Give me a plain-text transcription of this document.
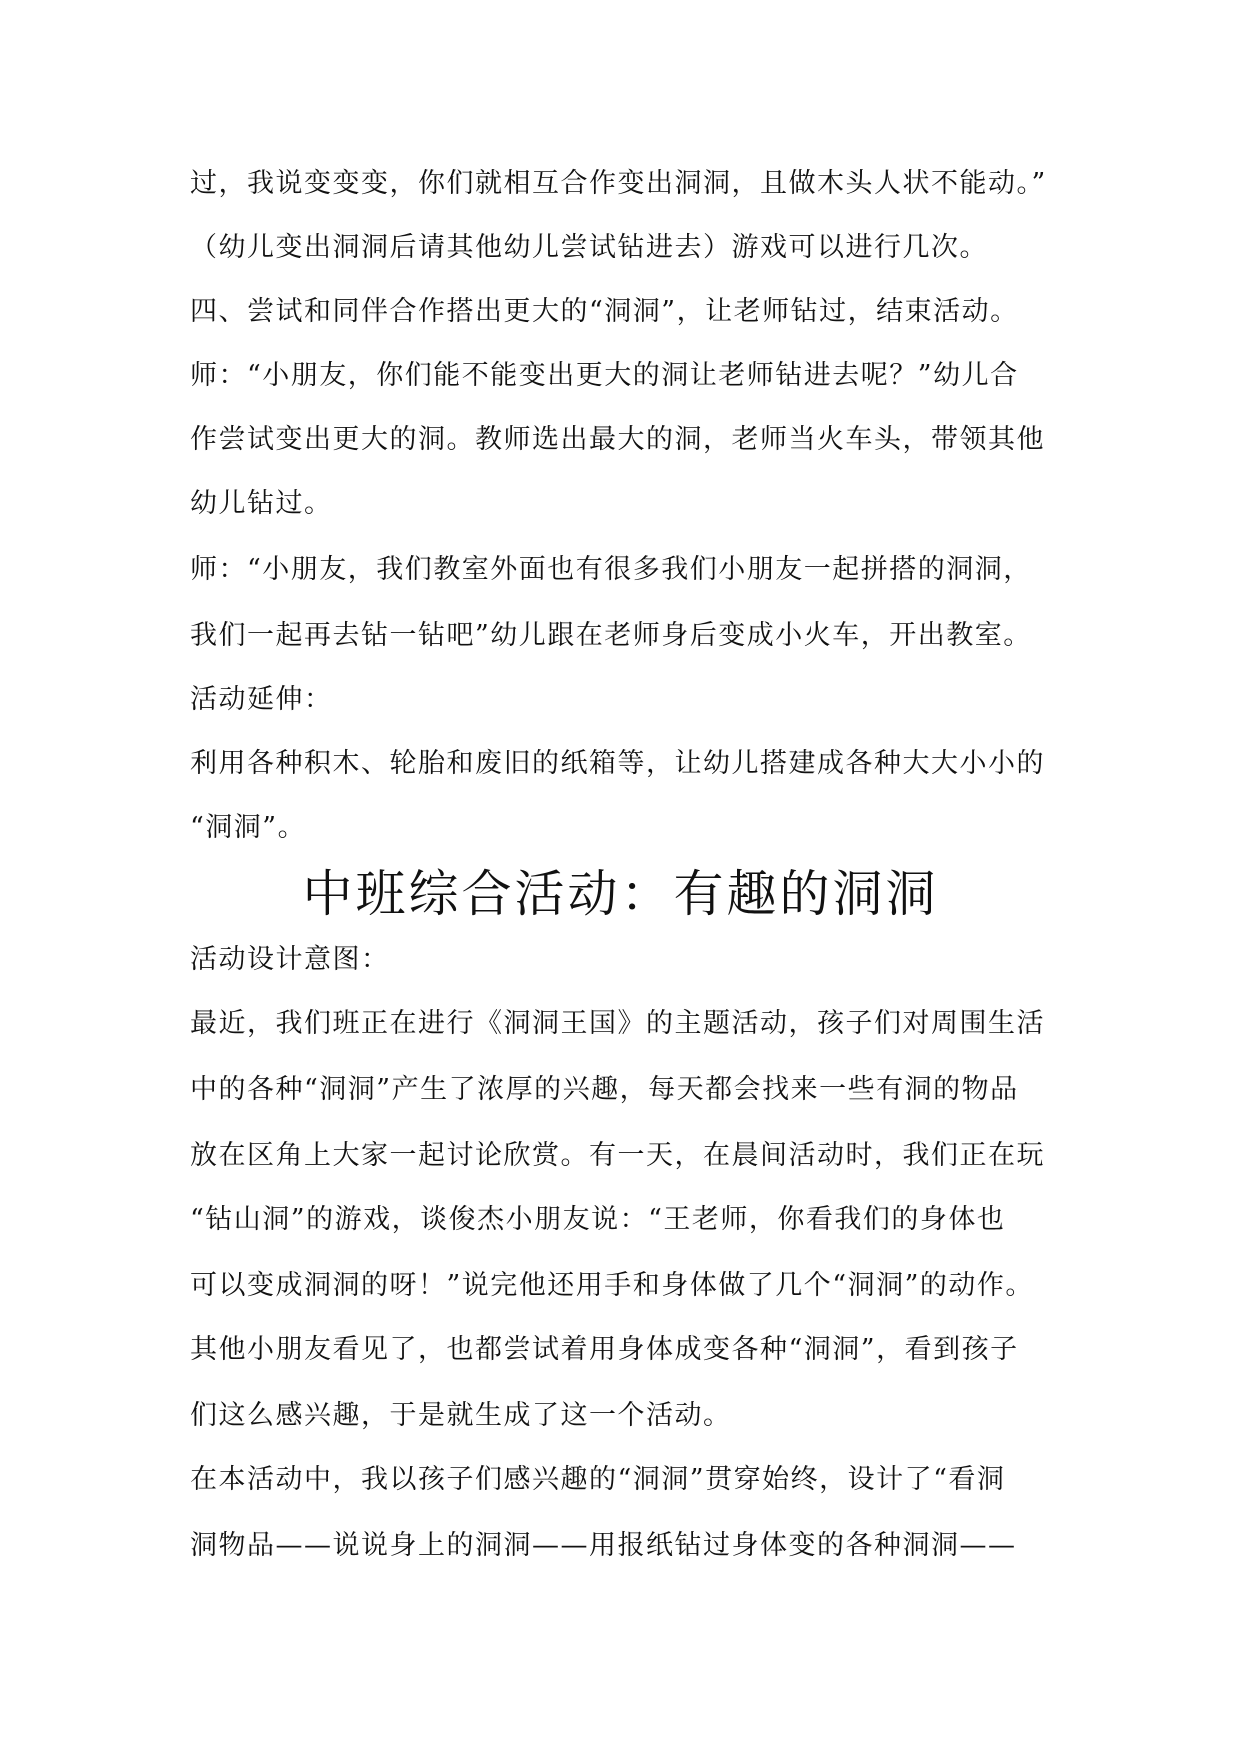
过，我说变变变，你们就相互合作变出洞洞，且做木头人状不能动。”
（幼儿变出洞洞后请其他幼儿尝试钻进去）游戏可以进行几次。
四、尝试和同伴合作搭出更大的“洞洞”，让老师钻过，结束活动。
师：“小朋友，你们能不能变出更大的洞让老师钻进去呢？”幼儿合
作尝试变出更大的洞。教师选出最大的洞，老师当火车头，带领其他
幼儿钻过。
师：“小朋友，我们教室外面也有很多我们小朋友一起拼搭的洞洞，
我们一起再去钻一钻吧”幼儿跟在老师身后变成小火车，开出教室。
活动延伸：
利用各种积木、轮胎和废旧的纸箱等，让幼儿搭建成各种大大小小的
“洞洞”。
中班综合活动：有趣的洞洞
活动设计意图：
最近，我们班正在进行《洞洞王国》的主题活动，孩子们对周围生活
中的各种“洞洞”产生了浓厚的兴趣，每天都会找来一些有洞的物品
放在区角上大家一起讨论欣赏。有一天，在晨间活动时，我们正在玩
“钻山洞”的游戏，谈俊杰小朋友说：“王老师，你看我们的身体也
可以变成洞洞的呀！”说完他还用手和身体做了几个“洞洞”的动作。
其他小朋友看见了，也都尝试着用身体成变各种“洞洞”，看到孩子
们这么感兴趣，于是就生成了这一个活动。
在本活动中，我以孩子们感兴趣的“洞洞”贯穿始终，设计了“看洞
洞物品——说说身上的洞洞——用报纸钻过身体变的各种洞洞——
